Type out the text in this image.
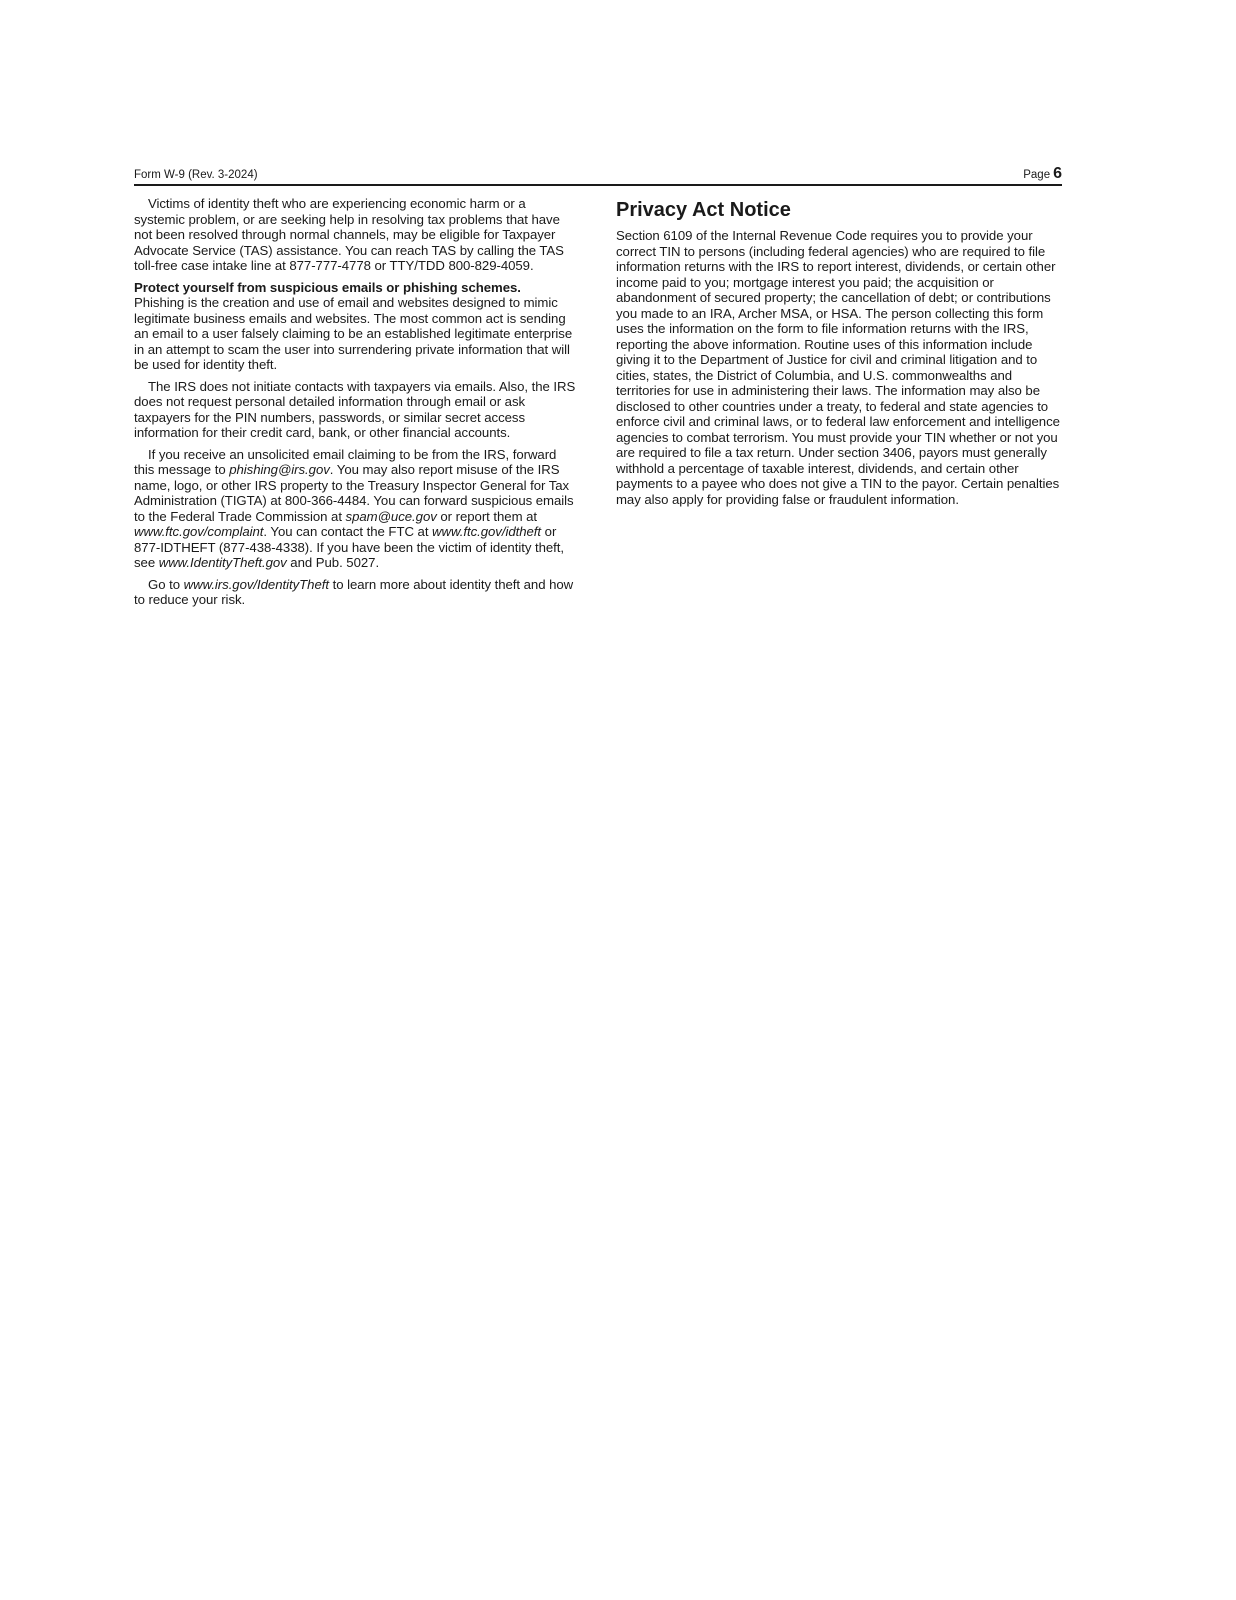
Form W-9 (Rev. 3-2024)	Page 6

Victims of identity theft who are experiencing economic harm or a systemic problem, or are seeking help in resolving tax problems that have not been resolved through normal channels, may be eligible for Taxpayer Advocate Service (TAS) assistance. You can reach TAS by calling the TAS toll-free case intake line at 877-777-4778 or TTY/TDD 800-829-4059.

Protect yourself from suspicious emails or phishing schemes.
Phishing is the creation and use of email and websites designed to mimic legitimate business emails and websites. The most common act is sending an email to a user falsely claiming to be an established legitimate enterprise in an attempt to scam the user into surrendering private information that will be used for identity theft.

The IRS does not initiate contacts with taxpayers via emails. Also, the IRS does not request personal detailed information through email or ask taxpayers for the PIN numbers, passwords, or similar secret access information for their credit card, bank, or other financial accounts.

If you receive an unsolicited email claiming to be from the IRS, forward this message to phishing@irs.gov. You may also report misuse of the IRS name, logo, or other IRS property to the Treasury Inspector General for Tax Administration (TIGTA) at 800-366-4484. You can forward suspicious emails to the Federal Trade Commission at spam@uce.gov or report them at www.ftc.gov/complaint. You can contact the FTC at www.ftc.gov/idtheft or 877-IDTHEFT (877-438-4338). If you have been the victim of identity theft, see www.IdentityTheft.gov and Pub. 5027.

Go to www.irs.gov/IdentityTheft to learn more about identity theft and how to reduce your risk.

Privacy Act Notice

Section 6109 of the Internal Revenue Code requires you to provide your correct TIN to persons (including federal agencies) who are required to file information returns with the IRS to report interest, dividends, or certain other income paid to you; mortgage interest you paid; the acquisition or abandonment of secured property; the cancellation of debt; or contributions you made to an IRA, Archer MSA, or HSA. The person collecting this form uses the information on the form to file information returns with the IRS, reporting the above information. Routine uses of this information include giving it to the Department of Justice for civil and criminal litigation and to cities, states, the District of Columbia, and U.S. commonwealths and territories for use in administering their laws. The information may also be disclosed to other countries under a treaty, to federal and state agencies to enforce civil and criminal laws, or to federal law enforcement and intelligence agencies to combat terrorism. You must provide your TIN whether or not you are required to file a tax return. Under section 3406, payors must generally withhold a percentage of taxable interest, dividends, and certain other payments to a payee who does not give a TIN to the payor. Certain penalties may also apply for providing false or fraudulent information.
